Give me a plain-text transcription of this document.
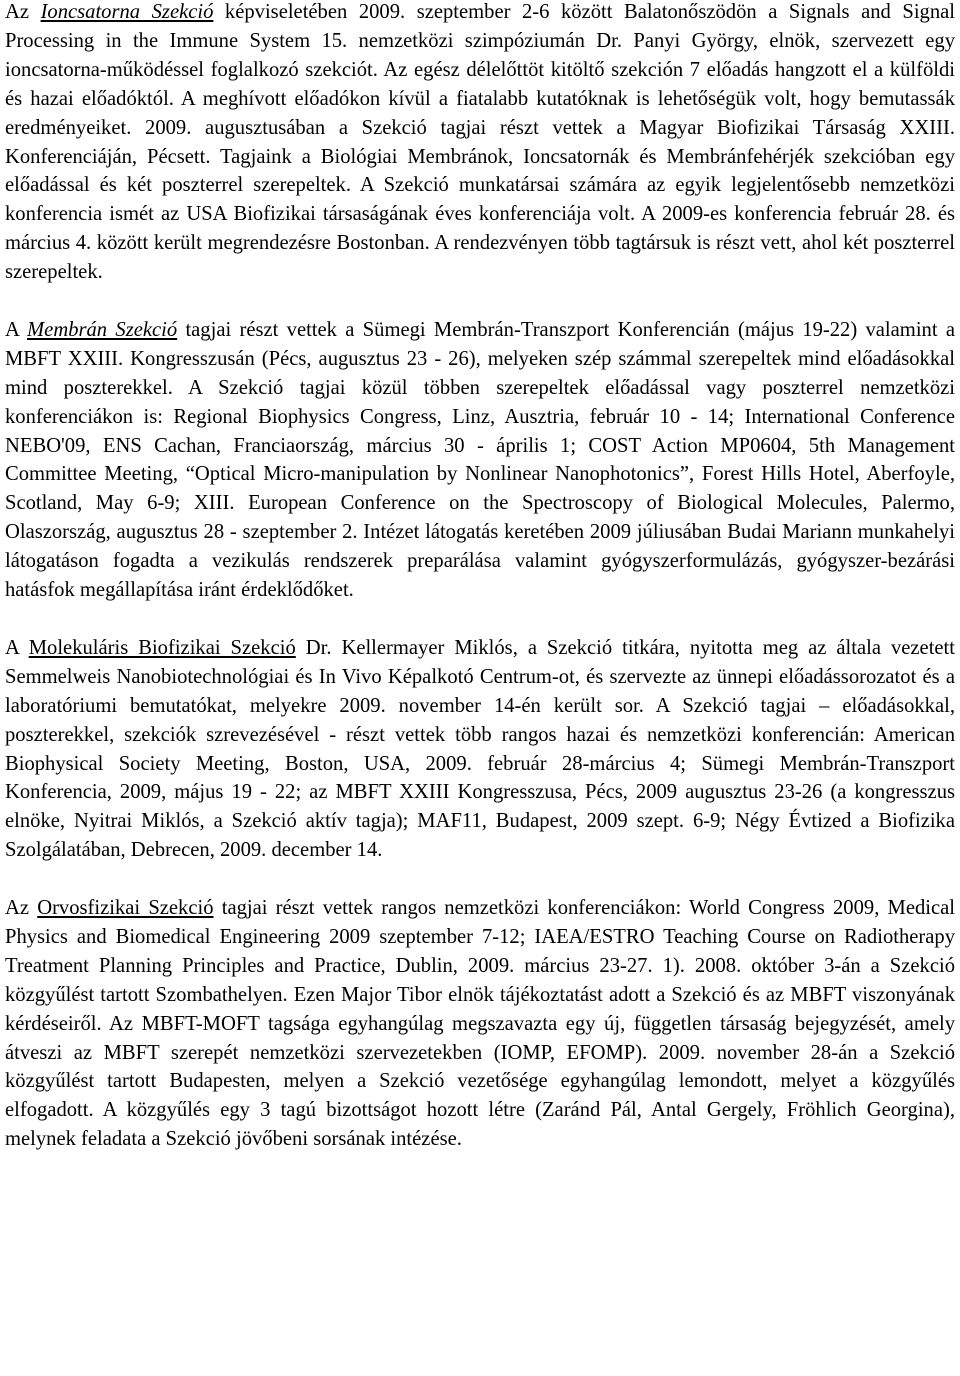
Az Ioncsatorna Szekció képviseletében 2009. szeptember 2-6 között Balatonőszödön a Signals and Signal Processing in the Immune System 15. nemzetközi szimpóziumán Dr. Panyi György, elnök, szervezett egy ioncsatorna-működéssel foglalkozó szekciót. Az egész délelőttöt kitöltő szekción 7 előadás hangzott el a külföldi és hazai előadóktól. A meghívott előadókon kívül a fiatalabb kutatóknak is lehetőségük volt, hogy bemutassák eredményeiket. 2009. augusztusában a Szekció tagjai részt vettek a Magyar Biofizikai Társaság XXIII. Konferenciáján, Pécsett. Tagjaink a Biológiai Membránok, Ioncsatornák és Membránfehérjék szekcióban egy előadással és két poszterrel szerepeltek. A Szekció munkatársai számára az egyik legjelentősebb nemzetközi konferencia ismét az USA Biofizikai társaságának éves konferenciája volt. A 2009-es konferencia február 28. és március 4. között került megrendezésre Bostonban. A rendezvényen több tagtársuk is részt vett, ahol két poszterrel szerepeltek.

A Membrán Szekció tagjai részt vettek a Sümegi Membrán-Transzport Konferencián (május 19-22) valamint a MBFT XXIII. Kongresszusán (Pécs, augusztus 23 - 26), melyeken szép számmal szerepeltek mind előadásokkal mind poszterekkel. A Szekció tagjai közül többen szerepeltek előadással vagy poszterrel nemzetközi konferenciákon is: Regional Biophysics Congress, Linz, Ausztria, február 10 - 14; International Conference NEBO'09, ENS Cachan, Franciaország, március 30 - április 1; COST Action MP0604, 5th Management Committee Meeting, “Optical Micro-manipulation by Nonlinear Nanophotonics”, Forest Hills Hotel, Aberfoyle, Scotland, May 6-9; XIII. European Conference on the Spectroscopy of Biological Molecules, Palermo, Olaszország, augusztus 28 - szeptember 2. Intézet látogatás keretében 2009 júliusában Budai Mariann munkahelyi látogatáson fogadta a vezikulás rendszerek preparálása valamint gyógyszerformulázás, gyógyszer-bezárási hatásfok megállapítása iránt érdeklődőket.

A Molekuláris Biofizikai Szekció Dr. Kellermayer Miklós, a Szekció titkára, nyitotta meg az általa vezetett Semmelweis Nanobiotechnológiai és In Vivo Képalkotó Centrum-ot, és szervezte az ünnepi előadássorozatot és a laboratóriumi bemutatókat, melyekre 2009. november 14-én került sor. A Szekció tagjai – előadásokkal, poszterekkel, szekciók szrevezésével - részt vettek több rangos hazai és nemzetközi konferencián: American Biophysical Society Meeting, Boston, USA, 2009. február 28-március 4; Sümegi Membrán-Transzport Konferencia, 2009, május 19 - 22; az MBFT XXIII Kongresszusa, Pécs, 2009 augusztus 23-26 (a kongresszus elnöke, Nyitrai Miklós, a Szekció aktív tagja); MAF11, Budapest, 2009 szept. 6-9; Négy Évtized a Biofizika Szolgálatában, Debrecen, 2009. december 14.

Az Orvosfizikai Szekció tagjai részt vettek rangos nemzetközi konferenciákon: World Congress 2009, Medical Physics and Biomedical Engineering 2009 szeptember 7-12; IAEA/ESTRO Teaching Course on Radiotherapy Treatment Planning Principles and Practice, Dublin, 2009. március 23-27. 1). 2008. október 3-án a Szekció közgyűlést tartott Szombathelyen. Ezen Major Tibor elnök tájékoztatást adott a Szekció és az MBFT viszonyának kérdéseiről. Az MBFT-MOFT tagsága egyhangúlag megszavazta egy új, független társaság bejegyzését, amely átveszi az MBFT szerepét nemzetközi szervezetekben (IOMP, EFOMP). 2009. november 28-án a Szekció közgyűlést tartott Budapesten, melyen a Szekció vezetősége egyhangúlag lemondott, melyet a közgyűlés elfogadott. A közgyűlés egy 3 tagú bizottságot hozott létre (Zaránd Pál, Antal Gergely, Fröhlich Georgina), melynek feladata a Szekció jövőbeni sorsának intézése.
